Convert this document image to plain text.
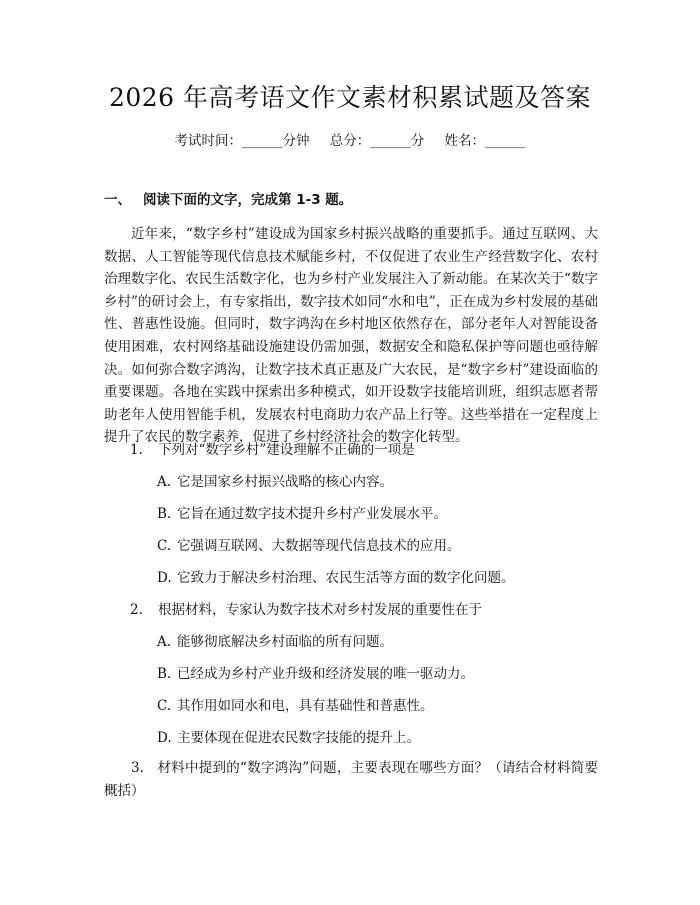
2026 年高考语文作文素材积累试题及答案
考试时间：______分钟 总分：______分 姓名：______
一、 阅读下面的文字，完成第 1-3 题。

近年来，“数字乡村”建设成为国家乡村振兴战略的重要抓手。通过互联网、大数据、人工智能等现代信息技术赋能乡村，不仅促进了农业生产经营数字化、农村治理数字化、农民生活数字化，也为乡村产业发展注入了新动能。在某次关于“数字乡村”的研讨会上，有专家指出，数字技术如同“水和电”，正在成为乡村发展的基础性、普惠性设施。但同时，数字鸿沟在乡村地区依然存在，部分老年人对智能设备使用困难，农村网络基础设施建设仍需加强，数据安全和隐私保护等问题也亟待解决。如何弥合数字鸿沟，让数字技术真正惠及广大农民，是“数字乡村”建设面临的重要课题。各地在实践中探索出多种模式，如开设数字技能培训班，组织志愿者帮助老年人使用智能手机，发展农村电商助力农产品上行等。这些举措在一定程度上提升了农民的数字素养，促进了乡村经济社会的数字化转型。

1. 下列对“数字乡村”建设理解不正确的一项是
A. 它是国家乡村振兴战略的核心内容。
B. 它旨在通过数字技术提升乡村产业发展水平。
C. 它强调互联网、大数据等现代信息技术的应用。
D. 它致力于解决乡村治理、农民生活等方面的数字化问题。
2. 根据材料，专家认为数字技术对乡村发展的重要性在于
A. 能够彻底解决乡村面临的所有问题。
B. 已经成为乡村产业升级和经济发展的唯一驱动力。
C. 其作用如同水和电，具有基础性和普惠性。
D. 主要体现在促进农民数字技能的提升上。
3. 材料中提到的“数字鸿沟”问题，主要表现在哪些方面？（请结合材料简要概括）
